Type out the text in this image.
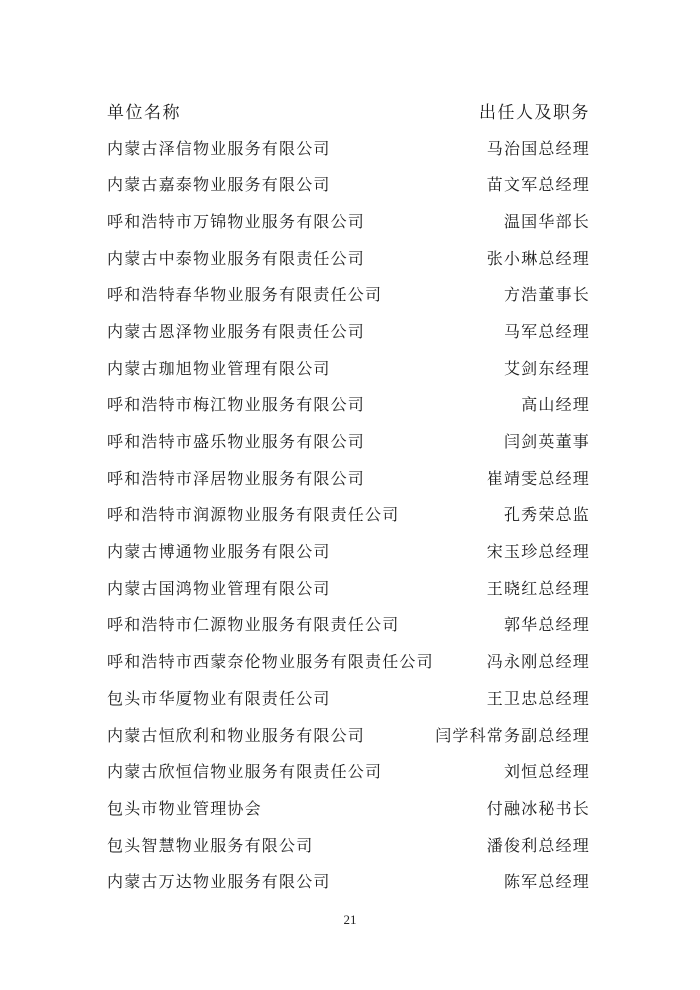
单位名称	出任人及职务
内蒙古泽信物业服务有限公司	马治国总经理
内蒙古嘉泰物业服务有限公司	苗文军总经理
呼和浩特市万锦物业服务有限公司	温国华部长
内蒙古中泰物业服务有限责任公司	张小琳总经理
呼和浩特春华物业服务有限责任公司	方浩董事长
内蒙古恩泽物业服务有限责任公司	马军总经理
内蒙古珈旭物业管理有限公司	艾剑东经理
呼和浩特市梅江物业服务有限公司	高山经理
呼和浩特市盛乐物业服务有限公司	闫剑英董事
呼和浩特市泽居物业服务有限公司	崔靖雯总经理
呼和浩特市润源物业服务有限责任公司	孔秀荣总监
内蒙古博通物业服务有限公司	宋玉珍总经理
内蒙古国鸿物业管理有限公司	王晓红总经理
呼和浩特市仁源物业服务有限责任公司	郭华总经理
呼和浩特市西蒙奈伦物业服务有限责任公司	冯永刚总经理
包头市华厦物业有限责任公司	王卫忠总经理
内蒙古恒欣利和物业服务有限公司	闫学科常务副总经理
内蒙古欣恒信物业服务有限责任公司	刘恒总经理
包头市物业管理协会	付融冰秘书长
包头智慧物业服务有限公司	潘俊利总经理
内蒙古万达物业服务有限公司	陈军总经理
21
